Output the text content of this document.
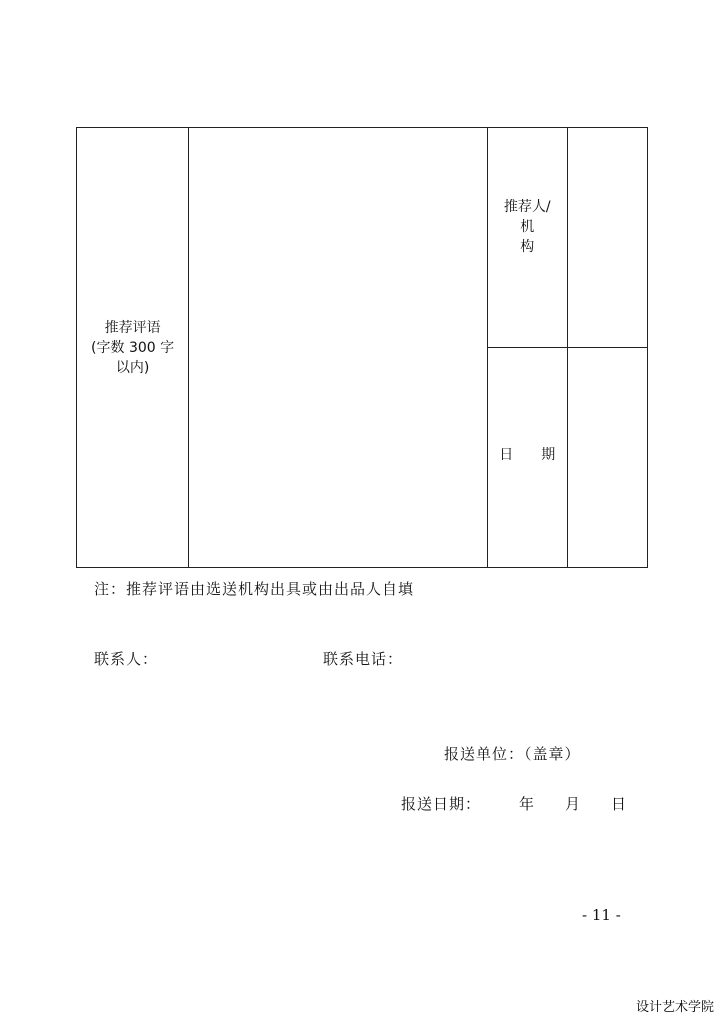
推荐评语
(字数 300 字
以内)		推荐人/
机
构	

		日 期	

注：推荐评语由选送机构出具或由出品人自填
联系人：	联系电话：
报送单位：（盖章）
报送日期：	年 月 日
- 11 -
设计艺术学院
